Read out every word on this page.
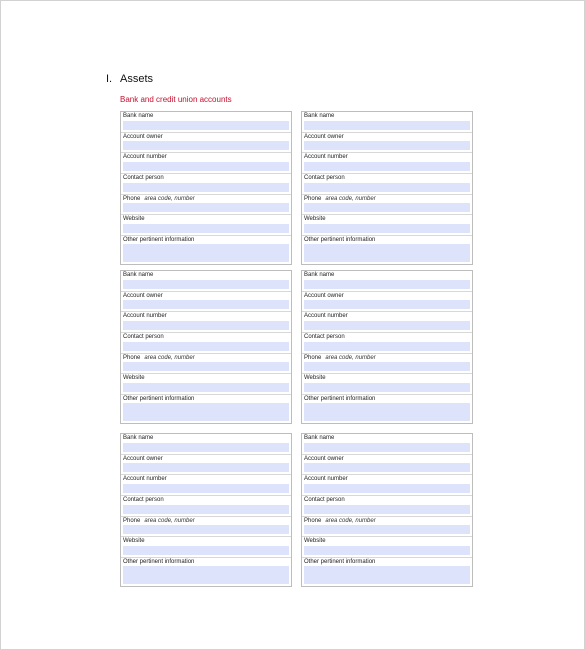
I. Assets
Bank and credit union accounts
Bank name
Account owner
Account number
Contact person
Phone area code, number
Website
Other pertinent information
Bank name
Account owner
Account number
Contact person
Phone area code, number
Website
Other pertinent information
Bank name
Account owner
Account number
Contact person
Phone area code, number
Website
Other pertinent information
Bank name
Account owner
Account number
Contact person
Phone area code, number
Website
Other pertinent information
Bank name
Account owner
Account number
Contact person
Phone area code, number
Website
Other pertinent information
Bank name
Account owner
Account number
Contact person
Phone area code, number
Website
Other pertinent information
